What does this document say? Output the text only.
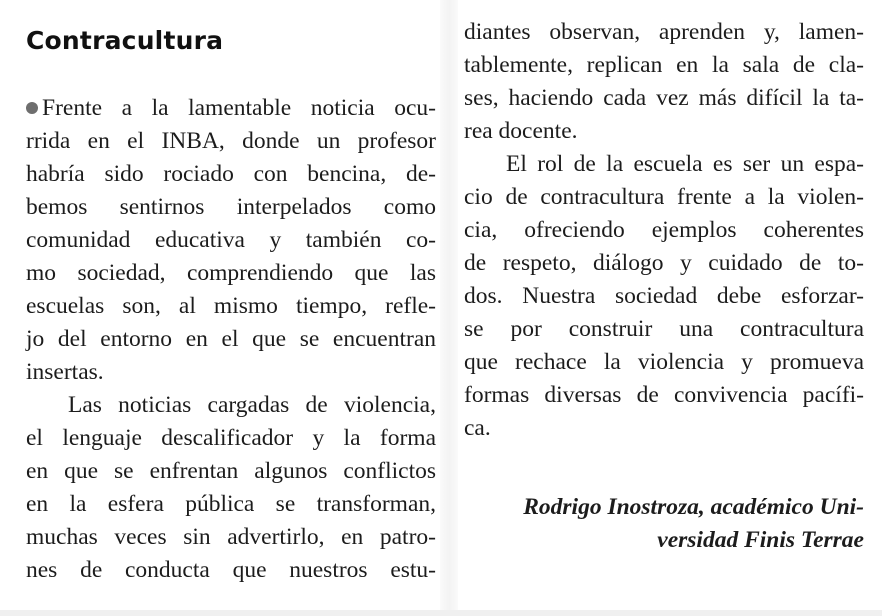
Contracultura
Frente a la lamentable noticia ocu-
rrida en el INBA, donde un profesor
habría sido rociado con bencina, de-
bemos sentirnos interpelados como
comunidad educativa y también co-
mo sociedad, comprendiendo que las
escuelas son, al mismo tiempo, refle-
jo del entorno en el que se encuentran
insertas.
Las noticias cargadas de violencia,
el lenguaje descalificador y la forma
en que se enfrentan algunos conflictos
en la esfera pública se transforman,
muchas veces sin advertirlo, en patro-
nes de conducta que nuestros estu-
diantes observan, aprenden y, lamen-
tablemente, replican en la sala de cla-
ses, haciendo cada vez más difícil la ta-
rea docente.
El rol de la escuela es ser un espa-
cio de contracultura frente a la violen-
cia, ofreciendo ejemplos coherentes
de respeto, diálogo y cuidado de to-
dos. Nuestra sociedad debe esforzar-
se por construir una contracultura
que rechace la violencia y promueva
formas diversas de convivencia pacífi-
ca.
Rodrigo Inostroza, académico Uni-
versidad Finis Terrae
